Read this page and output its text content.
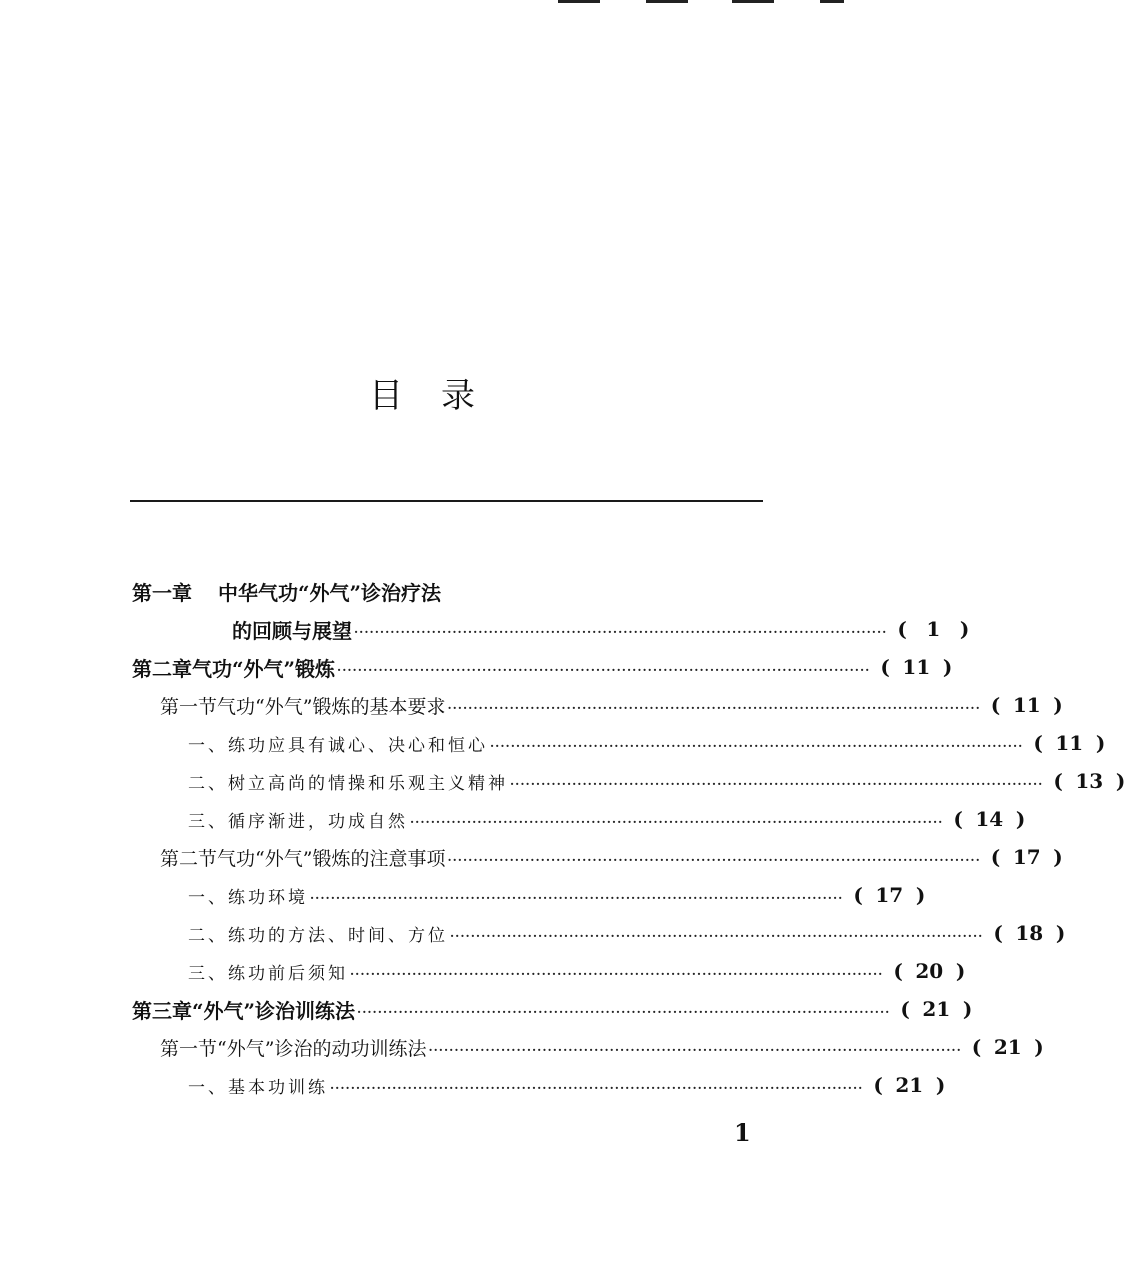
目录
第一章 中华气功“外气”诊治疗法
的回顾与展望 ······································································································· ( 1 )
第二章 气功“外气”锻炼 ······································································································· ( 11 )
第一节 气功“外气”锻炼的基本要求 ······································································································· ( 11 )
一、 练功应具有诚心、决心和恒心 ······································································································· ( 11 )
二、 树立高尚的情操和乐观主义精神 ······································································································· ( 13 )
三、 循序渐进，功成自然 ······································································································· ( 14 )
第二节 气功“外气”锻炼的注意事项 ······································································································· ( 17 )
一、 练功环境 ······································································································· ( 17 )
二、 练功的方法、时间、方位 ······································································································· ( 18 )
三、 练功前后须知 ······································································································· ( 20 )
第三章 “外气”诊治训练法 ······································································································· ( 21 )
第一节 “外气”诊治的动功训练法 ······································································································· ( 21 )
一、 基本功训练 ······································································································· ( 21 )
1
